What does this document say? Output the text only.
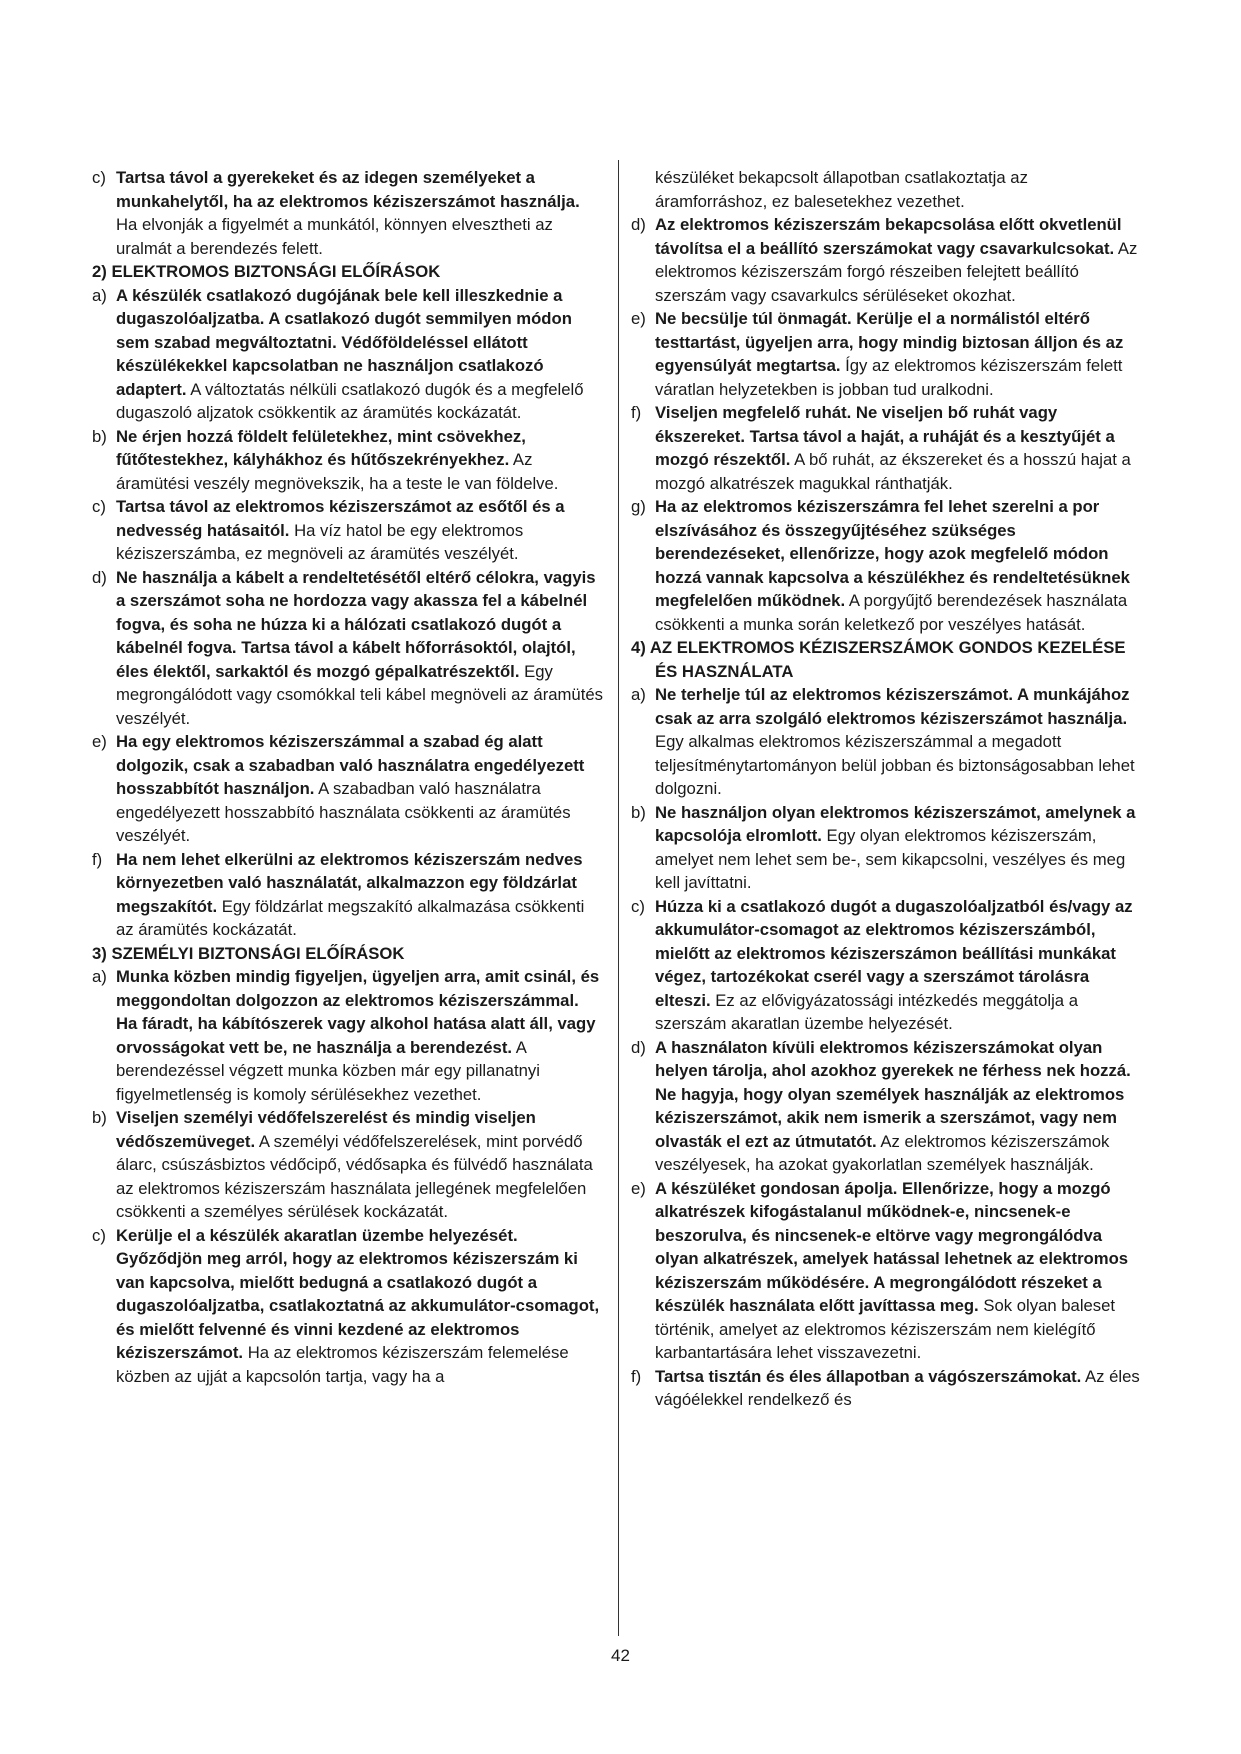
c) Tartsa távol a gyerekeket és az idegen személyeket a munkahelytől, ha az elektromos kéziszerszámot használja. Ha elvonják a figyelmét a munkától, könnyen elvesztheti az uralmát a berendezés felett.

2) ELEKTROMOS BIZTONSÁGI ELŐÍRÁSOK

a) A készülék csatlakozó dugójának bele kell illeszkednie a dugaszolóaljzatba. A csatlakozó dugót semmilyen módon sem szabad megváltoztatni. Védőföldeléssel ellátott készülékekkel kapcsolatban ne használjon csatlakozó adaptert. A változtatás nélküli csatlakozó dugók és a megfelelő dugaszoló aljzatok csökkentik az áramütés kockázatát.

b) Ne érjen hozzá földelt felületekhez, mint csövekhez, fűtőtestekhez, kályhákhoz és hűtőszekrényekhez. Az áramütési veszély megnövekszik, ha a teste le van földelve.

c) Tartsa távol az elektromos kéziszerszámot az esőtől és a nedvesség hatásaitól. Ha víz hatol be egy elektromos kéziszerszámba, ez megnöveli az áramütés veszélyét.

d) Ne használja a kábelt a rendeltetésétől eltérő célokra, vagyis a szerszámot soha ne hordozza vagy akassza fel a kábelnél fogva, és soha ne húzza ki a hálózati csatlakozó dugót a kábelnél fogva. Tartsa távol a kábelt hőforrásoktól, olajtól, éles élektől, sarkaktól és mozgó gépalkatrészektől. Egy megrongálódott vagy csomókkal teli kábel megnöveli az áramütés veszélyét.

e) Ha egy elektromos kéziszerszámmal a szabad ég alatt dolgozik, csak a szabadban való használatra engedélyezett hosszabbítót használjon. A szabadban való használatra engedélyezett hosszabbító használata csökkenti az áramütés veszélyét.

f) Ha nem lehet elkerülni az elektromos kéziszerszám nedves környezetben való használatát, alkalmazzon egy földzárlat megszakítót. Egy földzárlat megszakító alkalmazása csökkenti az áramütés kockázatát.

3) SZEMÉLYI BIZTONSÁGI ELŐÍRÁSOK

a) Munka közben mindig figyeljen, ügyeljen arra, amit csinál, és meggondoltan dolgozzon az elektromos kéziszerszámmal. Ha fáradt, ha kábítószerek vagy alkohol hatása alatt áll, vagy orvosságokat vett be, ne használja a berendezést. A berendezéssel végzett munka közben már egy pillanatnyi figyelmetlenség is komoly sérülésekhez vezethet.

b) Viseljen személyi védőfelszerelést és mindig viseljen védőszemüveget. A személyi védőfelszerelések, mint porvédő álarc, csúszásbiztos védőcipő, védősapka és fülvédő használata az elektromos kéziszerszám használata jellegének megfelelően csökkenti a személyes sérülések kockázatát.

c) Kerülje el a készülék akaratlan üzembe helyezését. Győződjön meg arról, hogy az elektromos kéziszerszám ki van kapcsolva, mielőtt bedugná a csatlakozó dugót a dugaszolóaljzatba, csatlakoztatná az akkumulátor-csomagot, és mielőtt felvenné és vinni kezdené az elektromos kéziszerszámot. Ha az elektromos kéziszerszám felemelése közben az ujját a kapcsolón tartja, vagy ha a

készüléket bekapcsolt állapotban csatlakoztatja az áramforráshoz, ez balesetekhez vezethet.

d) Az elektromos kéziszerszám bekapcsolása előtt okvetlenül távolítsa el a beállító szerszámokat vagy csavarkulcsokat. Az elektromos kéziszerszám forgó részeiben felejtett beállító szerszám vagy csavarkulcs sérüléseket okozhat.

e) Ne becsülje túl önmagát. Kerülje el a normálistól eltérő testtartást, ügyeljen arra, hogy mindig biztosan álljon és az egyensúlyát megtartsa. Így az elektromos kéziszerszám felett váratlan helyzetekben is jobban tud uralkodni.

f) Viseljen megfelelő ruhát. Ne viseljen bő ruhát vagy ékszereket. Tartsa távol a haját, a ruháját és a kesztyűjét a mozgó részektől. A bő ruhát, az ékszereket és a hosszú hajat a mozgó alkatrészek magukkal ránthatják.

g) Ha az elektromos kéziszerszámra fel lehet szerelni a por elszívásához és összegyűjtéséhez szükséges berendezéseket, ellenőrizze, hogy azok megfelelő módon hozzá vannak kapcsolva a készülékhez és rendeltetésüknek megfelelően működnek. A porgyűjtő berendezések használata csökkenti a munka során keletkező por veszélyes hatását.

4) AZ ELEKTROMOS KÉZISZERSZÁMOK GONDOS KEZELÉSE ÉS HASZNÁLATA

a) Ne terhelje túl az elektromos kéziszerszámot. A munkájához csak az arra szolgáló elektromos kéziszerszámot használja. Egy alkalmas elektromos kéziszerszámmal a megadott teljesítménytartományon belül jobban és biztonságosabban lehet dolgozni.

b) Ne használjon olyan elektromos kéziszerszámot, amelynek a kapcsolója elromlott. Egy olyan elektromos kéziszerszám, amelyet nem lehet sem be-, sem kikapcsolni, veszélyes és meg kell javíttatni.

c) Húzza ki a csatlakozó dugót a dugaszolóaljzatból és/vagy az akkumulátor-csomagot az elektromos kéziszerszámból, mielőtt az elektromos kéziszerszámon beállítási munkákat végez, tartozékokat cserél vagy a szerszámot tárolásra elteszi. Ez az elővigyázatossági intézkedés meggátolja a szerszám akaratlan üzembe helyezését.

d) A használaton kívüli elektromos kéziszerszámokat olyan helyen tárolja, ahol azokhoz gyerekek ne férhess nek hozzá. Ne hagyja, hogy olyan személyek használják az elektromos kéziszerszámot, akik nem ismerik a szerszámot, vagy nem olvasták el ezt az útmutatót. Az elektromos kéziszerszámok veszélyesek, ha azokat gyakorlatlan személyek használják.

e) A készüléket gondosan ápolja. Ellenőrizze, hogy a mozgó alkatrészek kifogástalanul működnek-e, nincsenek-e beszorulva, és nincsenek-e eltörve vagy megrongálódva olyan alkatrészek, amelyek hatással lehetnek az elektromos kéziszerszám működésére. A megrongálódott részeket a készülék használata előtt javíttassa meg. Sok olyan baleset történik, amelyet az elektromos kéziszerszám nem kielégítő karbantartására lehet visszavezetni.

f) Tartsa tisztán és éles állapotban a vágószerszámokat. Az éles vágóélekkel rendelkező és

42
